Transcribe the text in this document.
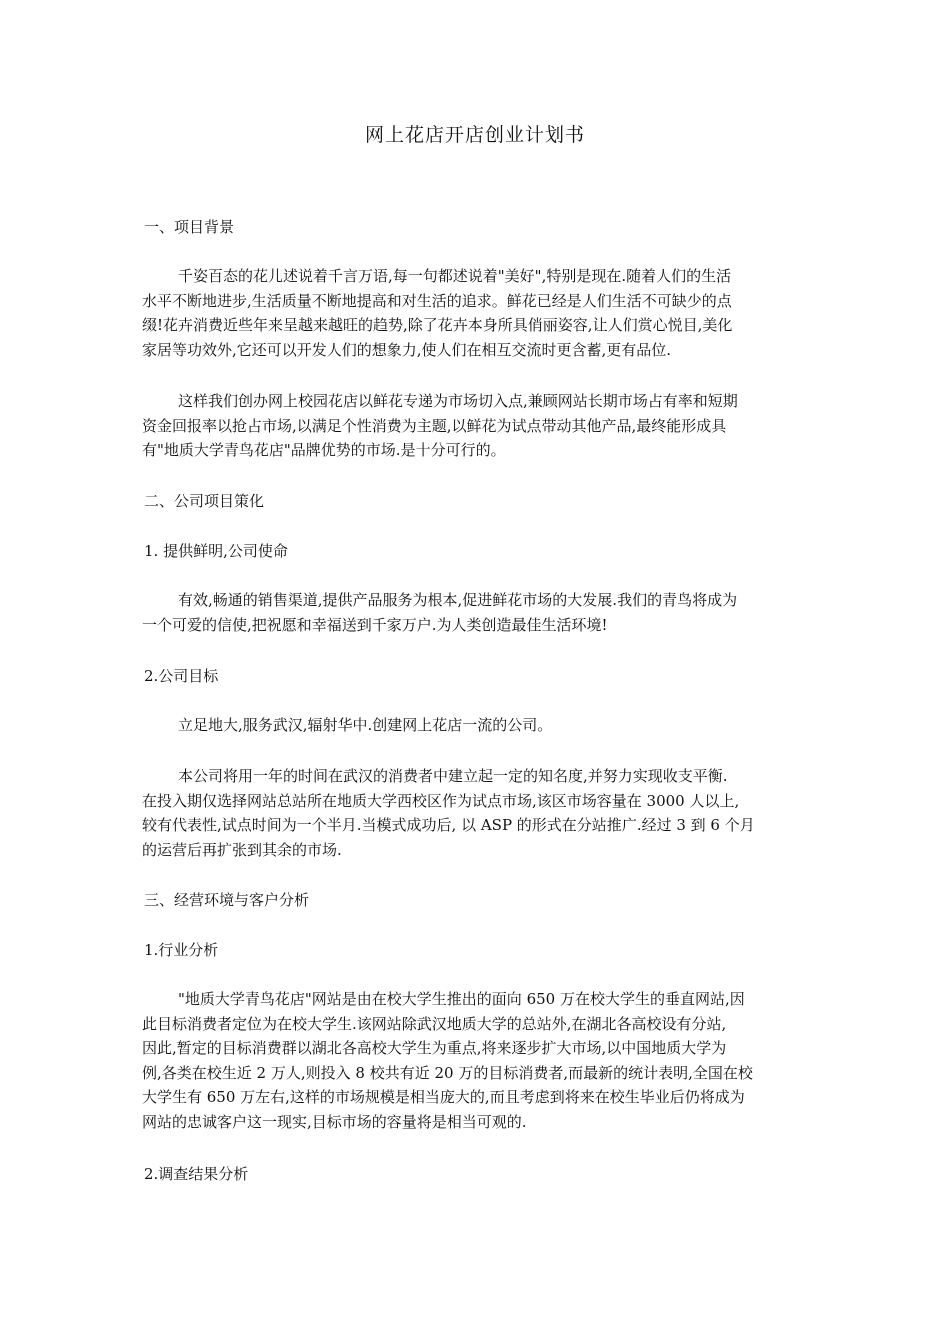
网上花店开店创业计划书
一、项目背景
千姿百态的花儿述说着千言万语,每一句都述说着"美好",特别是现在.随着人们的生活
水平不断地进步,生活质量不断地提高和对生活的追求。鲜花已经是人们生活不可缺少的点
缀!花卉消费近些年来呈越来越旺的趋势,除了花卉本身所具俏丽姿容,让人们赏心悦目,美化
家居等功效外,它还可以开发人们的想象力,使人们在相互交流时更含蓄,更有品位.
这样我们创办网上校园花店以鲜花专递为市场切入点,兼顾网站长期市场占有率和短期
资金回报率以抢占市场,以满足个性消费为主题,以鲜花为试点带动其他产品,最终能形成具
有"地质大学青鸟花店"品牌优势的市场.是十分可行的。
二、公司项目策化
1. 提供鲜明,公司使命
有效,畅通的销售渠道,提供产品服务为根本,促进鲜花市场的大发展.我们的青鸟将成为
一个可爱的信使,把祝愿和幸福送到千家万户.为人类创造最佳生活环境!
2.公司目标
立足地大,服务武汉,辐射华中.创建网上花店一流的公司。
本公司将用一年的时间在武汉的消费者中建立起一定的知名度,并努力实现收支平衡.
在投入期仅选择网站总站所在地质大学西校区作为试点市场,该区市场容量在 3000 人以上,
较有代表性,试点时间为一个半月.当模式成功后, 以 ASP 的形式在分站推广.经过 3 到 6 个月
的运营后再扩张到其余的市场.
三、经营环境与客户分析
1.行业分析
"地质大学青鸟花店"网站是由在校大学生推出的面向 650 万在校大学生的垂直网站,因
此目标消费者定位为在校大学生.该网站除武汉地质大学的总站外,在湖北各高校设有分站,
因此,暂定的目标消费群以湖北各高校大学生为重点,将来逐步扩大市场,以中国地质大学为
例,各类在校生近 2 万人,则投入 8 校共有近 20 万的目标消费者,而最新的统计表明,全国在校
大学生有 650 万左右,这样的市场规模是相当庞大的,而且考虑到将来在校生毕业后仍将成为
网站的忠诚客户这一现实,目标市场的容量将是相当可观的.
2.调查结果分析
